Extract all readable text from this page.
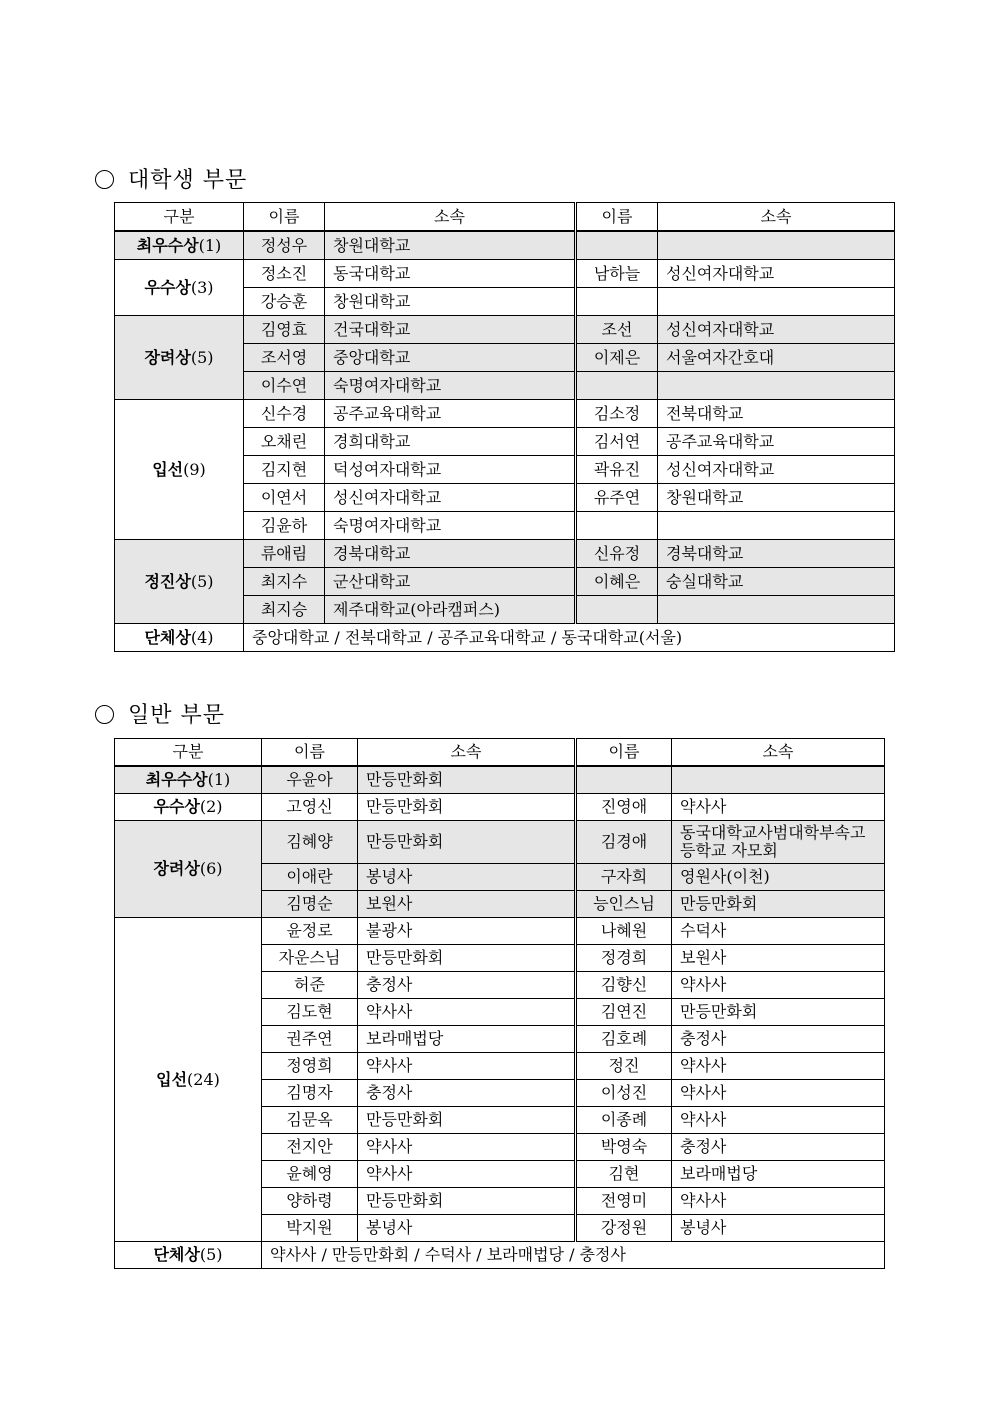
대학생 부문
구분	이름	소속	이름	소속
최우수상(1)	정성우	창원대학교		
우수상(3)	정소진	동국대학교	남하늘	성신여자대학교
	강승훈	창원대학교		
장려상(5)	김영효	건국대학교	조선	성신여자대학교
	조서영	중앙대학교	이제은	서울여자간호대
	이수연	숙명여자대학교		
입선(9)	신수경	공주교육대학교	김소정	전북대학교
	오채린	경희대학교	김서연	공주교육대학교
	김지현	덕성여자대학교	곽유진	성신여자대학교
	이연서	성신여자대학교	유주연	창원대학교
	김윤하	숙명여자대학교		
정진상(5)	류애림	경북대학교	신유정	경북대학교
	최지수	군산대학교	이혜은	숭실대학교
	최지승	제주대학교(아라캠퍼스)		
단체상(4)	중앙대학교 / 전북대학교 / 공주교육대학교 / 동국대학교(서울)			
일반 부문
구분	이름	소속	이름	소속
최우수상(1)	우윤아	만등만화회		
우수상(2)	고영신	만등만화회	진영애	약사사
장려상(6)	김혜양	만등만화회	김경애	동국대학교사범대학부속고등학교 자모회
	이애란	봉녕사	구자희	영원사(이천)
	김명순	보원사	능인스님	만등만화회
입선(24)	윤정로	불광사	나혜원	수덕사
	자운스님	만등만화회	정경희	보원사
	허준	충정사	김향신	약사사
	김도현	약사사	김연진	만등만화회
	권주연	보라매법당	김호례	충정사
	정영희	약사사	정진	약사사
	김명자	충정사	이성진	약사사
	김문옥	만등만화회	이종례	약사사
	전지안	약사사	박영숙	충정사
	윤혜영	약사사	김현	보라매법당
	양하령	만등만화회	전영미	약사사
	박지원	봉녕사	강정원	봉녕사
단체상(5)	약사사 / 만등만화회 / 수덕사 / 보라매법당 / 충정사			
